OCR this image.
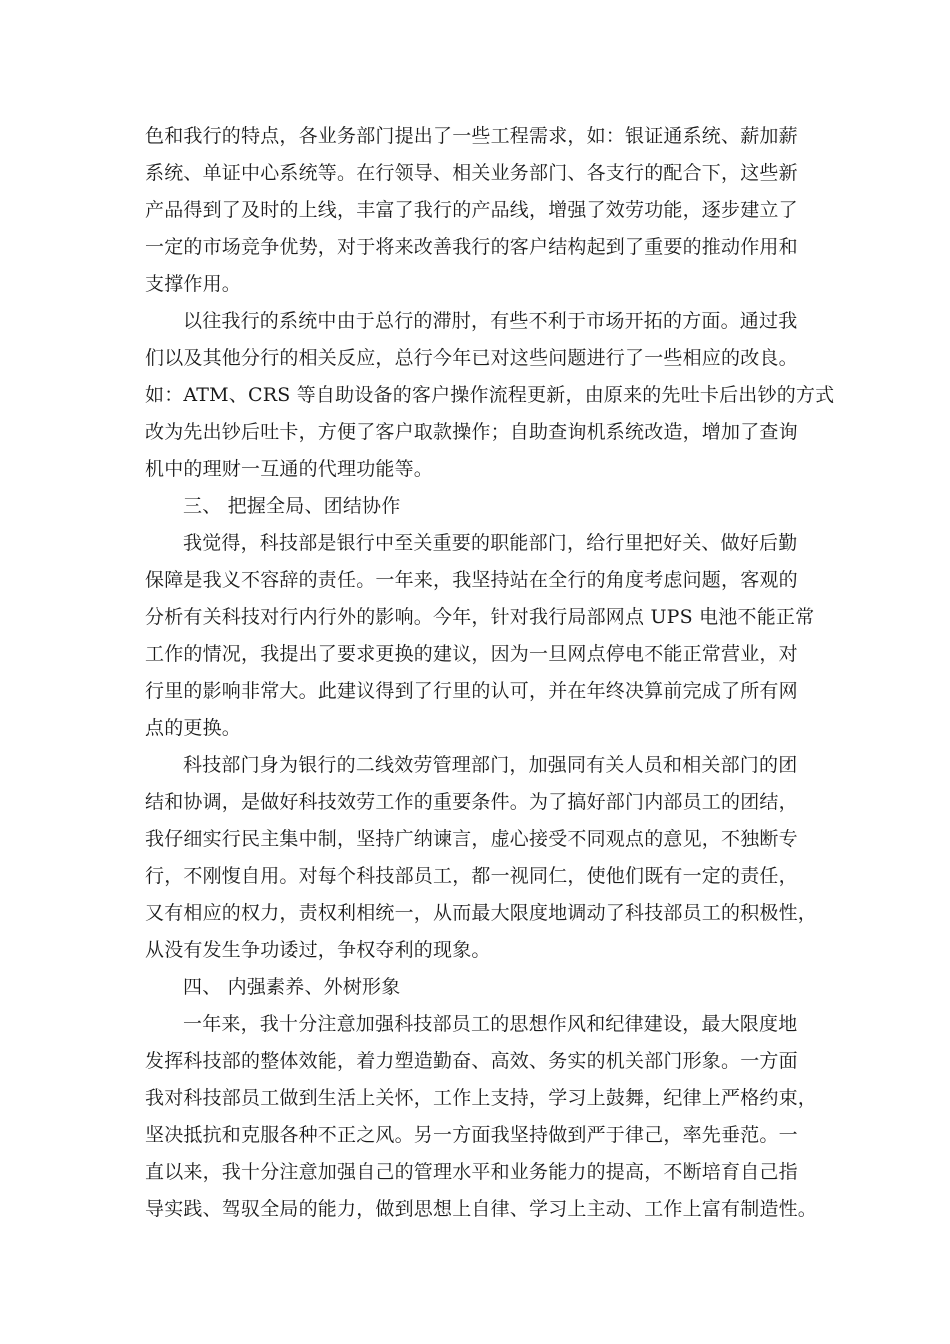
色和我行的特点，各业务部门提出了一些工程需求，如：银证通系统、薪加薪
系统、单证中心系统等。在行领导、相关业务部门、各支行的配合下，这些新
产品得到了及时的上线，丰富了我行的产品线，增强了效劳功能，逐步建立了
一定的市场竞争优势，对于将来改善我行的客户结构起到了重要的推动作用和
支撑作用。
以往我行的系统中由于总行的滞肘，有些不利于市场开拓的方面。通过我
们以及其他分行的相关反应，总行今年已对这些问题进行了一些相应的改良。
如：ATM、CRS 等自助设备的客户操作流程更新，由原来的先吐卡后出钞的方式
改为先出钞后吐卡，方便了客户取款操作；自助查询机系统改造，增加了查询
机中的理财一互通的代理功能等。
三、 把握全局、团结协作
我觉得，科技部是银行中至关重要的职能部门，给行里把好关、做好后勤
保障是我义不容辞的责任。一年来，我坚持站在全行的角度考虑问题，客观的
分析有关科技对行内行外的影响。今年，针对我行局部网点 UPS 电池不能正常
工作的情况，我提出了要求更换的建议，因为一旦网点停电不能正常营业，对
行里的影响非常大。此建议得到了行里的认可，并在年终决算前完成了所有网
点的更换。
科技部门身为银行的二线效劳管理部门，加强同有关人员和相关部门的团
结和协调，是做好科技效劳工作的重要条件。为了搞好部门内部员工的团结，
我仔细实行民主集中制，坚持广纳谏言，虚心接受不同观点的意见，不独断专
行，不刚愎自用。对每个科技部员工，都一视同仁，使他们既有一定的责任，
又有相应的权力，责权利相统一，从而最大限度地调动了科技部员工的积极性，
从没有发生争功诿过，争权夺利的现象。
四、 内强素养、外树形象
一年来，我十分注意加强科技部员工的思想作风和纪律建设，最大限度地
发挥科技部的整体效能，着力塑造勤奋、高效、务实的机关部门形象。一方面
我对科技部员工做到生活上关怀，工作上支持，学习上鼓舞，纪律上严格约束，
坚决抵抗和克服各种不正之风。另一方面我坚持做到严于律己，率先垂范。一
直以来，我十分注意加强自己的管理水平和业务能力的提高，不断培育自己指
导实践、驾驭全局的能力，做到思想上自律、学习上主动、工作上富有制造性。
